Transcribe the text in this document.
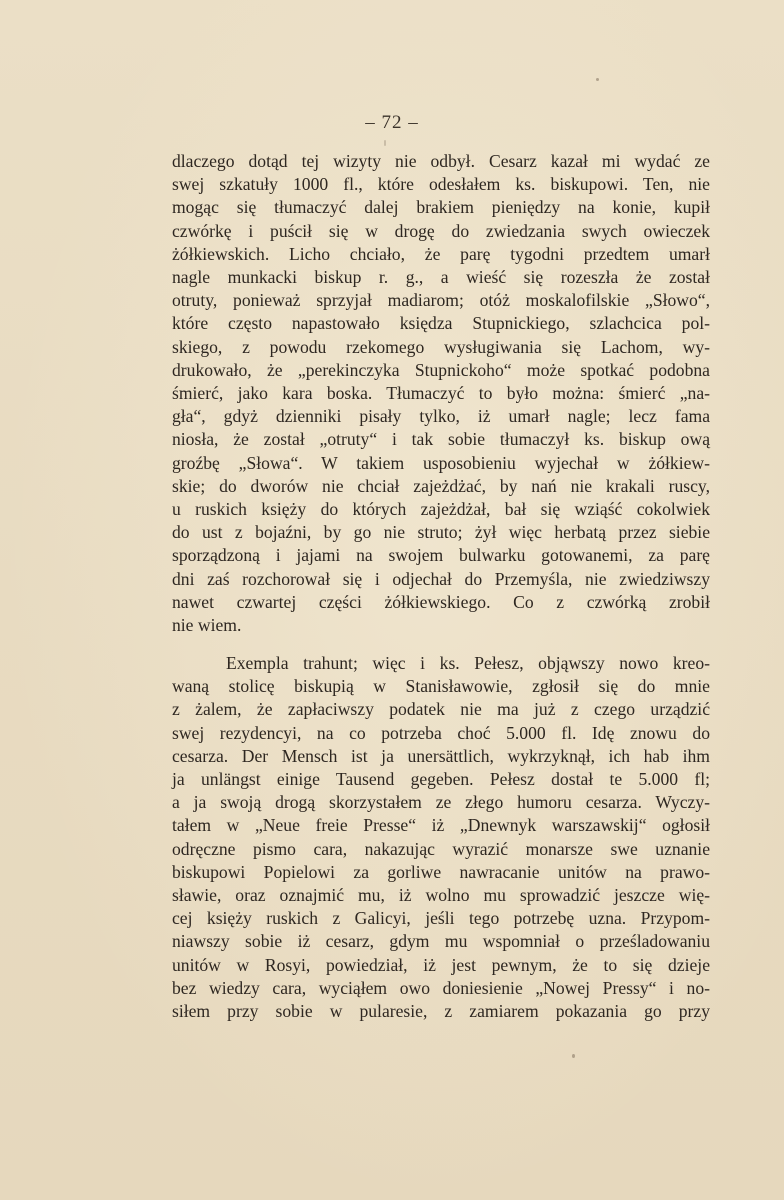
– 72 –
dlaczego dotąd tej wizyty nie odbył. Cesarz kazał mi wydać ze
swej szkatuły 1000 fl., które odesłałem ks. biskupowi. Ten, nie
mogąc się tłumaczyć dalej brakiem pieniędzy na konie, kupił
czwórkę i puścił się w drogę do zwiedzania swych owieczek
żółkiewskich. Licho chciało, że parę tygodni przedtem umarł
nagle munkacki biskup r. g., a wieść się rozeszła że został
otruty, ponieważ sprzyjał madiarom; otóż moskalofilskie „Słowo“,
które często napastowało księdza Stupnickiego, szlachcica pol-
skiego, z powodu rzekomego wysługiwania się Lachom, wy-
drukowało, że „perekinczyka Stupnickoho“ może spotkać podobna
śmierć, jako kara boska. Tłumaczyć to było można: śmierć „na-
gła“, gdyż dzienniki pisały tylko, iż umarł nagle; lecz fama
niosła, że został „otruty“ i tak sobie tłumaczył ks. biskup ową
groźbę „Słowa“. W takiem usposobieniu wyjechał w żółkiew-
skie; do dworów nie chciał zajeżdżać, by nań nie krakali ruscy,
u ruskich księży do których zajeżdżał, bał się wziąść cokolwiek
do ust z bojaźni, by go nie struto; żył więc herbatą przez siebie
sporządzoną i jajami na swojem bulwarku gotowanemi, za parę
dni zaś rozchorował się i odjechał do Przemyśla, nie zwiedziwszy
nawet czwartej części żółkiewskiego. Co z czwórką zrobił
nie wiem.
Exempla trahunt; więc i ks. Pełesz, objąwszy nowo kreo-
waną stolicę biskupią w Stanisławowie, zgłosił się do mnie
z żalem, że zapłaciwszy podatek nie ma już z czego urządzić
swej rezydencyi, na co potrzeba choć 5.000 fl. Idę znowu do
cesarza. Der Mensch ist ja unersättlich, wykrzyknął, ich hab ihm
ja unlängst einige Tausend gegeben. Pełesz dostał te 5.000 fl;
a ja swoją drogą skorzystałem ze złego humoru cesarza. Wyczy-
tałem w „Neue freie Presse“ iż „Dnewnyk warszawskij“ ogłosił
odręczne pismo cara, nakazując wyrazić monarsze swe uznanie
biskupowi Popielowi za gorliwe nawracanie unitów na prawo-
sławie, oraz oznajmić mu, iż wolno mu sprowadzić jeszcze wię-
cej księży ruskich z Galicyi, jeśli tego potrzebę uzna. Przypom-
niawszy sobie iż cesarz, gdym mu wspomniał o prześladowaniu
unitów w Rosyi, powiedział, iż jest pewnym, że to się dzieje
bez wiedzy cara, wyciąłem owo doniesienie „Nowej Pressy“ i no-
siłem przy sobie w pularesie, z zamiarem pokazania go przy
